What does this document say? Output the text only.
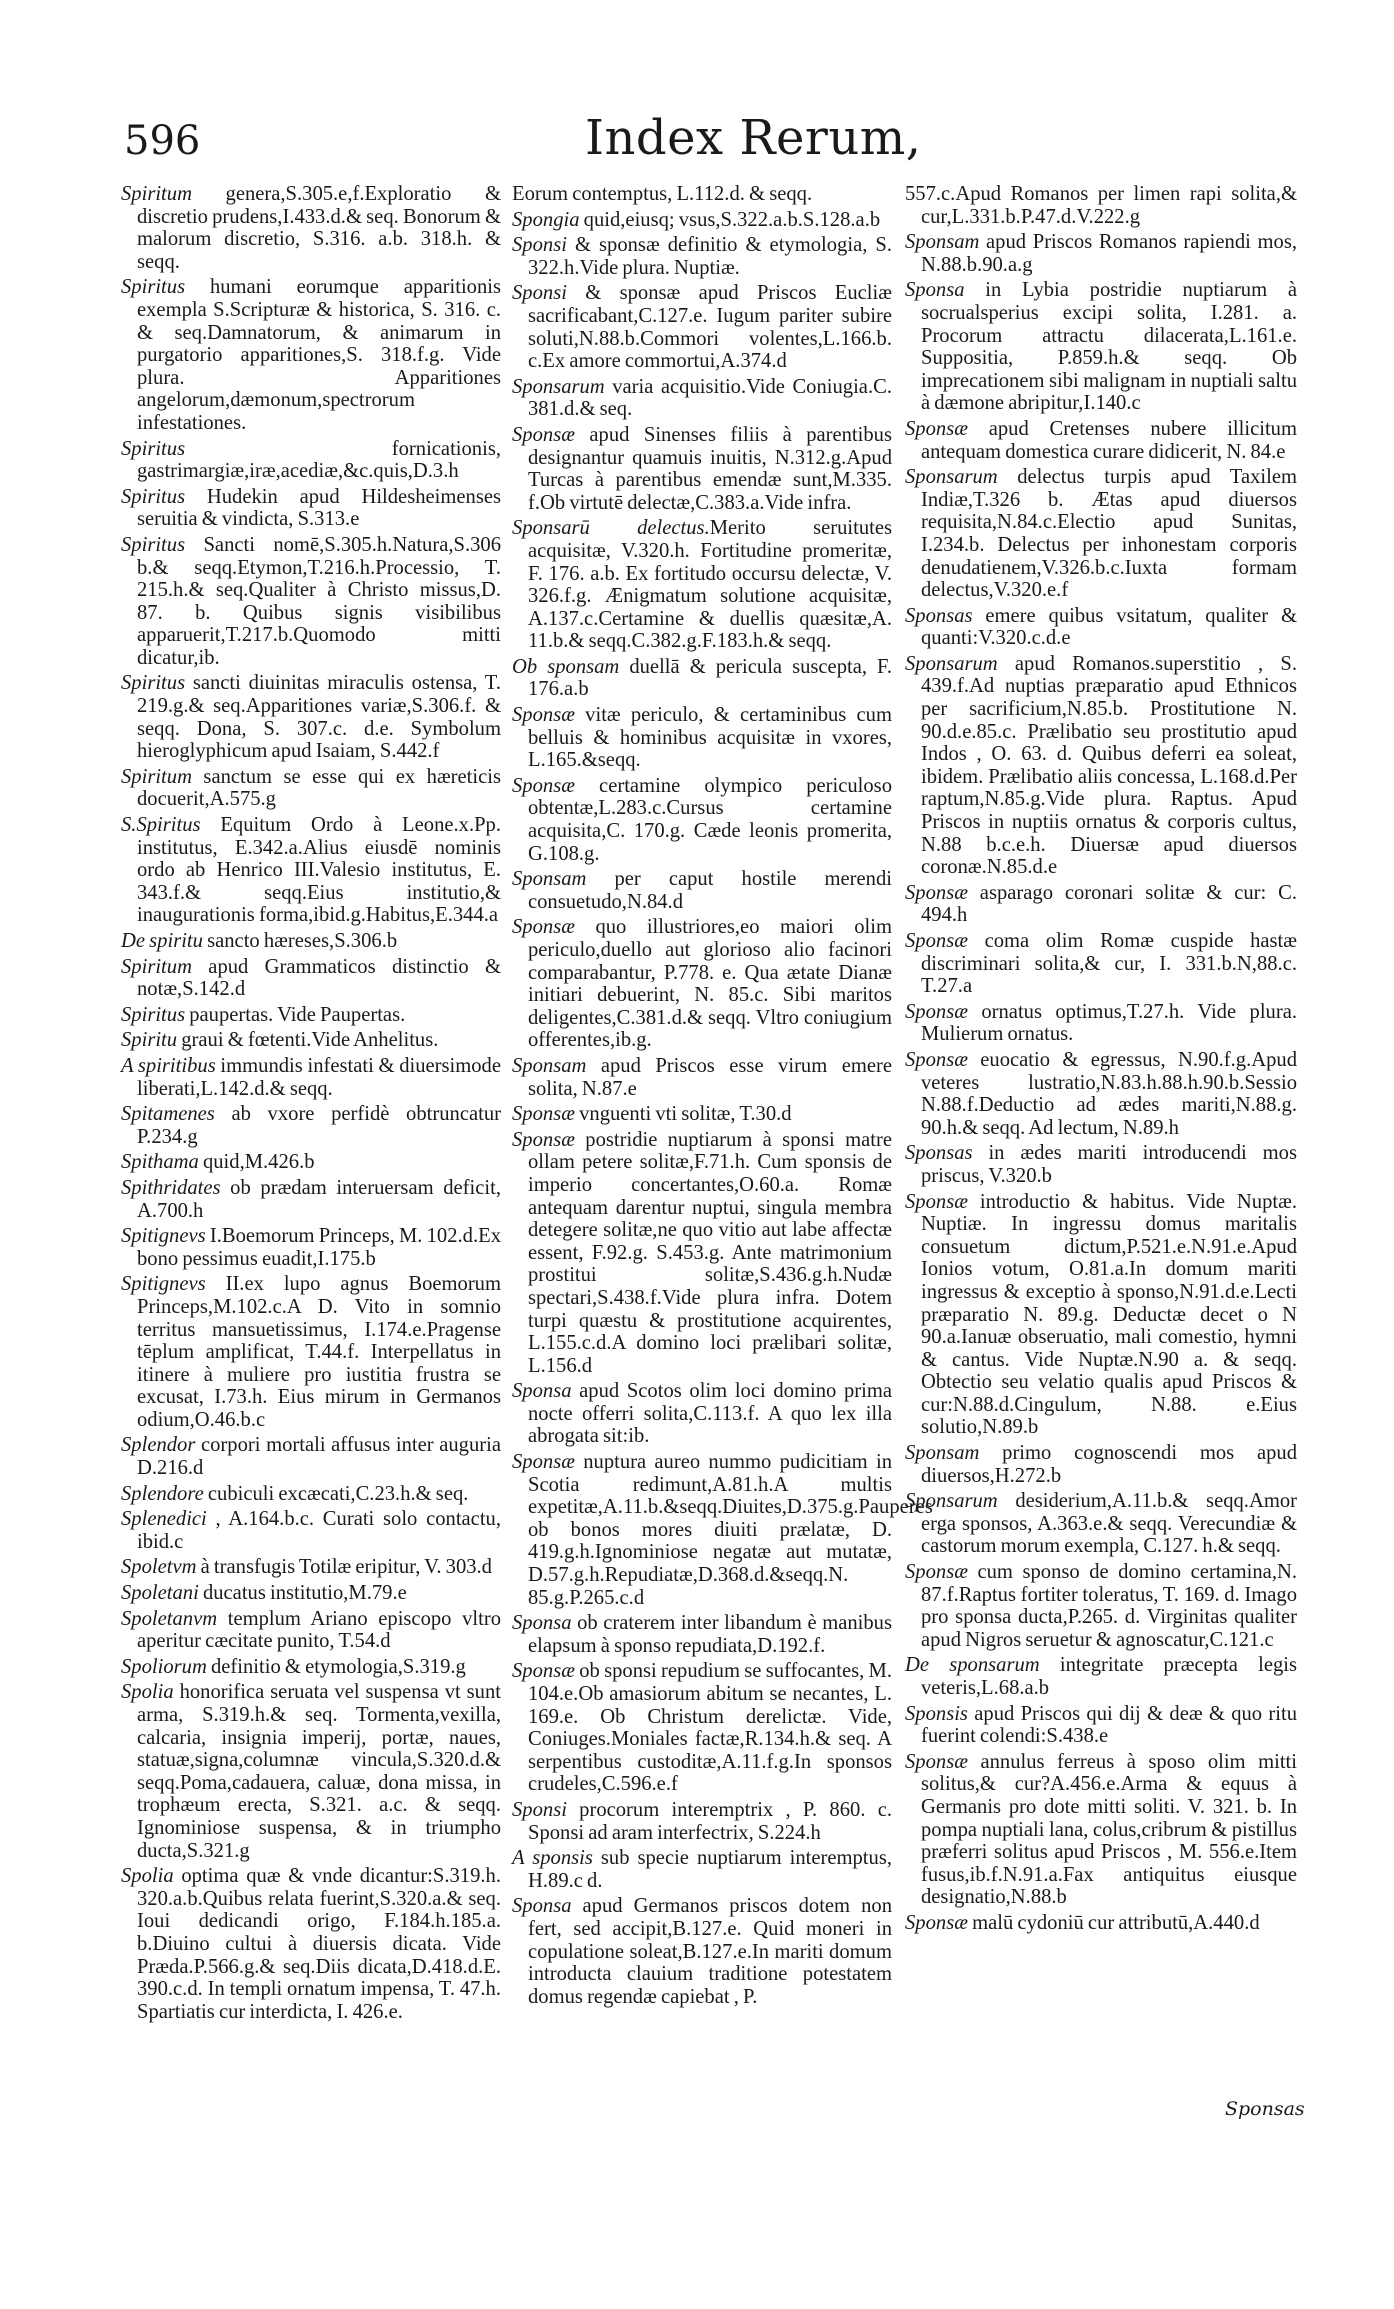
596	Index Rerum,

Spiritum genera,S.305.e,f.Exploratio & discretio prudens,I.433.d.& seq. Bonorum & malorum discretio, S.316. a.b. 318.h. & seqq.

Spiritus humani eorumque apparitionis exempla S.Scripturæ & historica, S. 316. c. & seq.Damnatorum, & animarum in purgatorio apparitiones,S. 318.f.g. Vide plura. Apparitiones angelorum,dæmonum,spectrorum infestationes.

Spiritus fornicationis, gastrimargiæ,iræ,acediæ,&c.quis,D.3.h

Spiritus Hudekin apud Hildesheimenses seruitia & vindicta, S.313.e

Spiritus Sancti nomē,S.305.h.Natura,S.306 b.& seqq.Etymon,T.216.h.Processio, T. 215.h.& seq.Qualiter à Christo missus,D. 87. b. Quibus signis visibilibus apparuerit,T.217.b.Quomodo mitti dicatur,ib.

Spiritus sancti diuinitas miraculis ostensa, T. 219.g.& seq.Apparitiones variæ,S.306.f. & seqq. Dona, S. 307.c. d.e. Symbolum hieroglyphicum apud Isaiam, S.442.f

Spiritum sanctum se esse qui ex hæreticis docuerit,A.575.g

S.Spiritus Equitum Ordo à Leone.x.Pp. institutus, E.342.a.Alius eiusdē nominis ordo ab Henrico III.Valesio institutus, E. 343.f.& seqq.Eius institutio,& inaugurationis forma,ibid.g.Habitus,E.344.a

De spiritu sancto hæreses,S.306.b

Spiritum apud Grammaticos distinctio & notæ,S.142.d

Spiritus paupertas. Vide Paupertas.

Spiritu graui & fœtenti.Vide Anhelitus.

A spiritibus immundis infestati & diuersimode liberati,L.142.d.& seqq.

Spitamenes ab vxore perfidè obtruncatur P.234.g

Spithama quid,M.426.b

Spithridates ob prædam interuersam deficit, A.700.h

Spitignevs I.Boemorum Princeps, M. 102.d.Ex bono pessimus euadit,I.175.b

Spitignevs II.ex lupo agnus Boemorum Princeps,M.102.c.A D. Vito in somnio territus mansuetissimus, I.174.e.Pragense tēplum amplificat, T.44.f. Interpellatus in itinere à muliere pro iustitia frustra se excusat, I.73.h. Eius mirum in Germanos odium,O.46.b.c

Splendor corpori mortali affusus inter auguria D.216.d

Splendore cubiculi excæcati,C.23.h.& seq.

Splenedici , A.164.b.c. Curati solo contactu, ibid.c

Spoletvm à transfugis Totilæ eripitur, V. 303.d

Spoletani ducatus institutio,M.79.e

Spoletanvm templum Ariano episcopo vltro aperitur cæcitate punito, T.54.d

Spoliorum definitio & etymologia,S.319.g

Spolia honorifica seruata vel suspensa vt sunt arma, S.319.h.& seq. Tormenta,vexilla, calcaria, insignia imperij, portæ, naues, statuæ,signa,columnæ vincula,S.320.d.& seqq.Poma,cadauera, caluæ, dona missa, in trophæum erecta, S.321. a.c. & seqq. Ignominiose suspensa, & in triumpho ducta,S.321.g

Spolia optima quæ & vnde dicantur:S.319.h. 320.a.b.Quibus relata fuerint,S.320.a.& seq. Ioui dedicandi origo, F.184.h.185.a. b.Diuino cultui à diuersis dicata. Vide Præda.P.566.g.& seq.Diis dicata,D.418.d.E. 390.c.d. In templi ornatum impensa, T. 47.h. Spartiatis cur interdicta, I. 426.e.

Eorum contemptus, L.112.d. & seqq.

Spongia quid,eiusq; vsus,S.322.a.b.S.128.a.b

Sponsi & sponsæ definitio & etymologia, S. 322.h.Vide plura. Nuptiæ.

Sponsi & sponsæ apud Priscos Eucliæ sacrificabant,C.127.e. Iugum pariter subire soluti,N.88.b.Commori volentes,L.166.b. c.Ex amore commortui,A.374.d

Sponsarum varia acquisitio.Vide Coniugia.C. 381.d.& seq.

Sponsæ apud Sinenses filiis à parentibus designantur quamuis inuitis, N.312.g.Apud Turcas à parentibus emendæ sunt,M.335. f.Ob virtutē delectæ,C.383.a.Vide infra.

Sponsarū delectus.Merito seruitutes acquisitæ, V.320.h. Fortitudine promeritæ, F. 176. a.b. Ex fortitudo occursu delectæ, V. 326.f.g. Ænigmatum solutione acquisitæ, A.137.c.Certamine & duellis quæsitæ,A. 11.b.& seqq.C.382.g.F.183.h.& seqq.

Ob sponsam duellā & pericula suscepta, F. 176.a.b

Sponsæ vitæ periculo, & certaminibus cum belluis & hominibus acquisitæ in vxores, L.165.&seqq.

Sponsæ certamine olympico periculoso obtentæ,L.283.c.Cursus certamine acquisita,C. 170.g. Cæde leonis promerita, G.108.g.

Sponsam per caput hostile merendi consuetudo,N.84.d

Sponsæ quo illustriores,eo maiori olim periculo,duello aut glorioso alio facinori comparabantur, P.778. e. Qua ætate Dianæ initiari debuerint, N. 85.c. Sibi maritos deligentes,C.381.d.& seqq. Vltro coniugium offerentes,ib.g.

Sponsam apud Priscos esse virum emere solita, N.87.e

Sponsæ vnguenti vti solitæ, T.30.d

Sponsæ postridie nuptiarum à sponsi matre ollam petere solitæ,F.71.h. Cum sponsis de imperio concertantes,O.60.a. Romæ antequam darentur nuptui, singula membra detegere solitæ,ne quo vitio aut labe affectæ essent, F.92.g. S.453.g. Ante matrimonium prostitui solitæ,S.436.g.h.Nudæ spectari,S.438.f.Vide plura infra. Dotem turpi quæstu & prostitutione acquirentes, L.155.c.d.A domino loci prælibari solitæ, L.156.d

Sponsa apud Scotos olim loci domino prima nocte offerri solita,C.113.f. A quo lex illa abrogata sit:ib.

Sponsæ nuptura aureo nummo pudicitiam in Scotia redimunt,A.81.h.A multis expetitæ,A.11.b.&seqq.Diuites,D.375.g.Pauperes ob bonos mores diuiti prælatæ, D. 419.g.h.Ignominiose negatæ aut mutatæ, D.57.g.h.Repudiatæ,D.368.d.&seqq.N. 85.g.P.265.c.d

Sponsa ob craterem inter libandum è manibus elapsum à sponso repudiata,D.192.f.

Sponsæ ob sponsi repudium se suffocantes, M. 104.e.Ob amasiorum abitum se necantes, L. 169.e. Ob Christum derelictæ. Vide, Coniuges.Moniales factæ,R.134.h.& seq. A serpentibus custoditæ,A.11.f.g.In sponsos crudeles,C.596.e.f

Sponsi procorum interemptrix , P. 860. c. Sponsi ad aram interfectrix, S.224.h

A sponsis sub specie nuptiarum interemptus, H.89.c d.

Sponsa apud Germanos priscos dotem non fert, sed accipit,B.127.e. Quid moneri in copulatione soleat,B.127.e.In mariti domum introducta clauium traditione potestatem domus regendæ capiebat , P.

557.c.Apud Romanos per limen rapi solita,& cur,L.331.b.P.47.d.V.222.g

Sponsam apud Priscos Romanos rapiendi mos, N.88.b.90.a.g

Sponsa in Lybia postridie nuptiarum à socrualsperius excipi solita, I.281. a. Procorum attractu dilacerata,L.161.e. Suppositia, P.859.h.& seqq. Ob imprecationem sibi malignam in nuptiali saltu à dæmone abripitur,I.140.c

Sponsæ apud Cretenses nubere illicitum antequam domestica curare didicerit, N. 84.e

Sponsarum delectus turpis apud Taxilem Indiæ,T.326 b. Ætas apud diuersos requisita,N.84.c.Electio apud Sunitas, I.234.b. Delectus per inhonestam corporis denudatienem,V.326.b.c.Iuxta formam delectus,V.320.e.f

Sponsas emere quibus vsitatum, qualiter & quanti:V.320.c.d.e

Sponsarum apud Romanos.superstitio , S. 439.f.Ad nuptias præparatio apud Ethnicos per sacrificium,N.85.b. Prostitutione N. 90.d.e.85.c. Prælibatio seu prostitutio apud Indos , O. 63. d. Quibus deferri ea soleat, ibidem. Prælibatio aliis concessa, L.168.d.Per raptum,N.85.g.Vide plura. Raptus. Apud Priscos in nuptiis ornatus & corporis cultus, N.88 b.c.e.h. Diuersæ apud diuersos coronæ.N.85.d.e

Sponsæ asparago coronari solitæ & cur: C. 494.h

Sponsæ coma olim Romæ cuspide hastæ discriminari solita,& cur, I. 331.b.N,88.c. T.27.a

Sponsæ ornatus optimus,T.27.h. Vide plura. Mulierum ornatus.

Sponsæ euocatio & egressus, N.90.f.g.Apud veteres lustratio,N.83.h.88.h.90.b.Sessio N.88.f.Deductio ad ædes mariti,N.88.g. 90.h.& seqq. Ad lectum, N.89.h

Sponsas in ædes mariti introducendi mos priscus, V.320.b

Sponsæ introductio & habitus. Vide Nuptæ. Nuptiæ. In ingressu domus maritalis consuetum dictum,P.521.e.N.91.e.Apud Ionios votum, O.81.a.In domum mariti ingressus & exceptio à sponso,N.91.d.e.Lecti præparatio N. 89.g. Deductæ decet o N 90.a.Ianuæ obseruatio, mali comestio, hymni & cantus. Vide Nuptæ.N.90 a. & seqq. Obtectio seu velatio qualis apud Priscos & cur:N.88.d.Cingulum, N.88. e.Eius solutio,N.89.b

Sponsam primo cognoscendi mos apud diuersos,H.272.b

Sponsarum desiderium,A.11.b.& seqq.Amor erga sponsos, A.363.e.& seqq. Verecundiæ & castorum morum exempla, C.127. h.& seqq.

Sponsæ cum sponso de domino certamina,N. 87.f.Raptus fortiter toleratus, T. 169. d. Imago pro sponsa ducta,P.265. d. Virginitas qualiter apud Nigros seruetur & agnoscatur,C.121.c

De sponsarum integritate præcepta legis veteris,L.68.a.b

Sponsis apud Priscos qui dij & deæ & quo ritu fuerint colendi:S.438.e

Sponsæ annulus ferreus à sposo olim mitti solitus,& cur?A.456.e.Arma & equus à Germanis pro dote mitti soliti. V. 321. b. In pompa nuptiali lana, colus,cribrum & pistillus præferri solitus apud Priscos , M. 556.e.Item fusus,ib.f.N.91.a.Fax antiquitus eiusque designatio,N.88.b

Sponsæ malū cydoniū cur attributū,A.440.d

Sponsas
